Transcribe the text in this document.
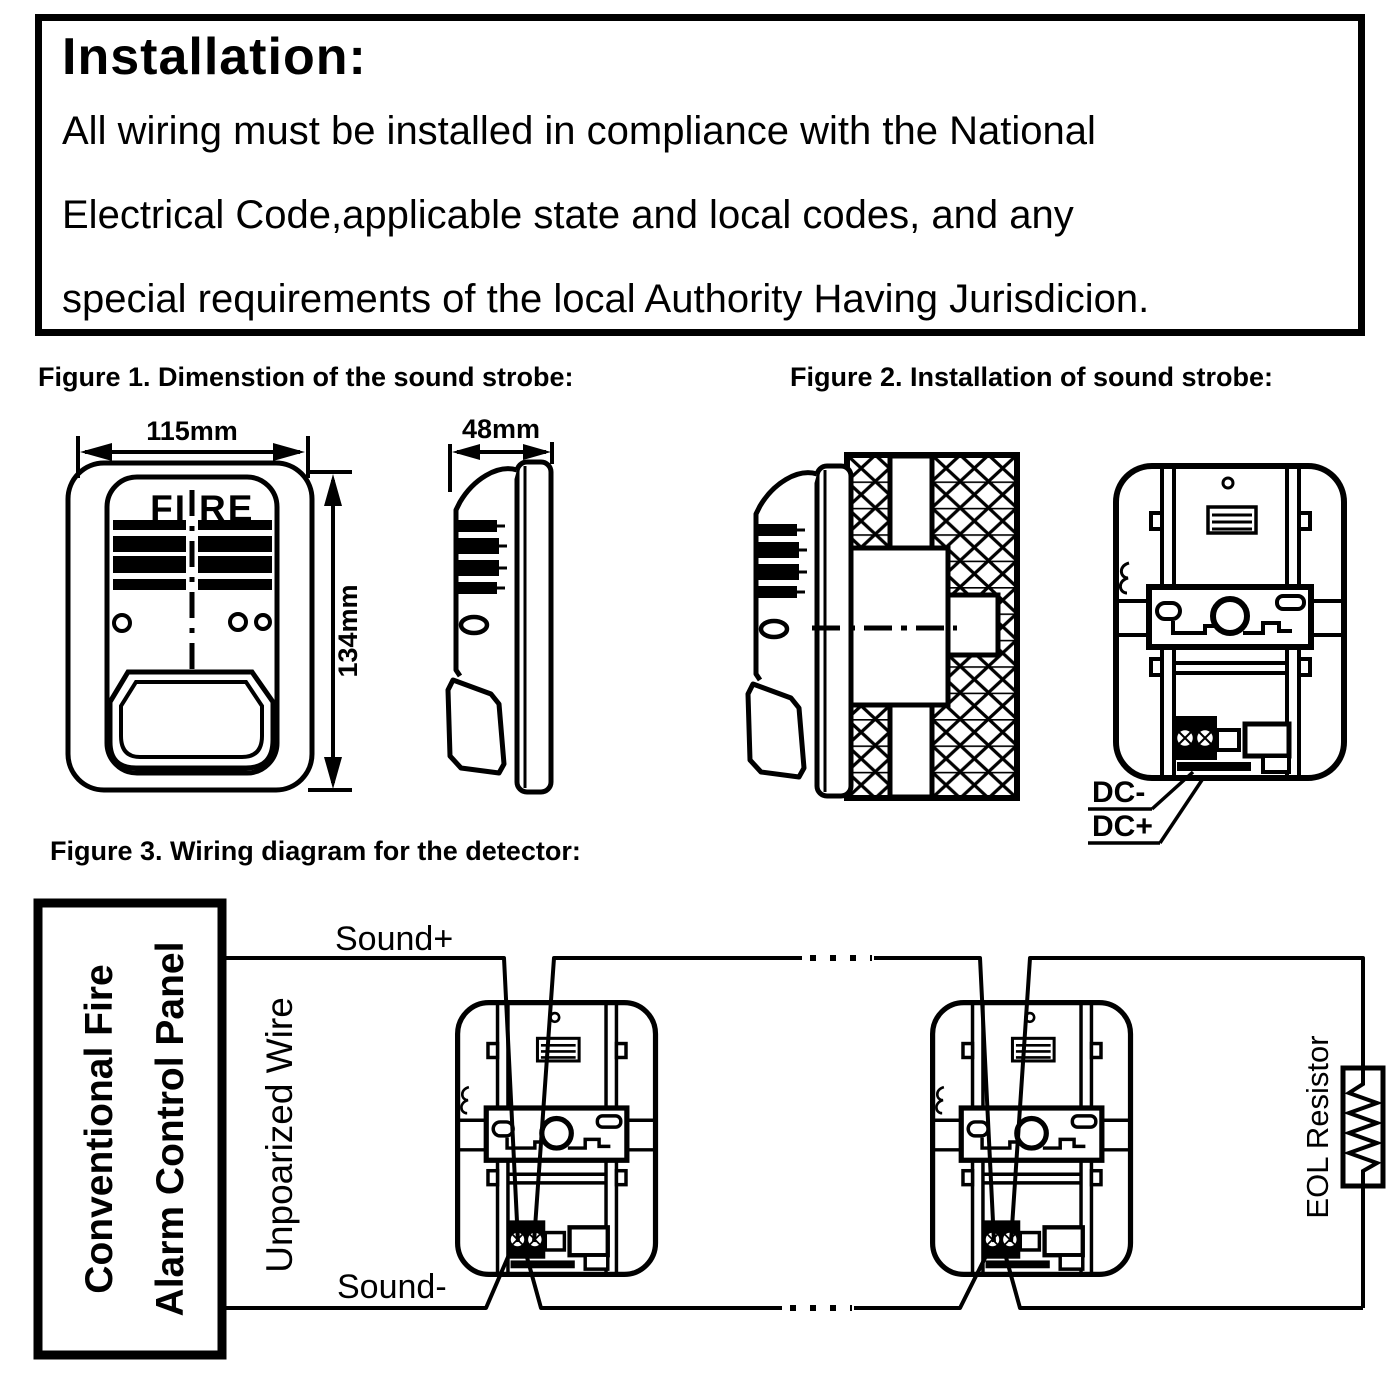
Installation:
All wiring must be installed in compliance with the National
Electrical Code,applicable state and local codes, and any
special requirements of the local Authority Having Jurisdicion.
Figure 1. Dimenstion of the sound strobe:	Figure 2. Installation of sound strobe:
Figure 3. Wiring diagram for the detector:
FI RE
115mm
134mm
48mm
DC-
DC+
Conventional Fire Alarm Control Panel Unpoarized Wire
Sound+
Sound-
EOL Resistor
